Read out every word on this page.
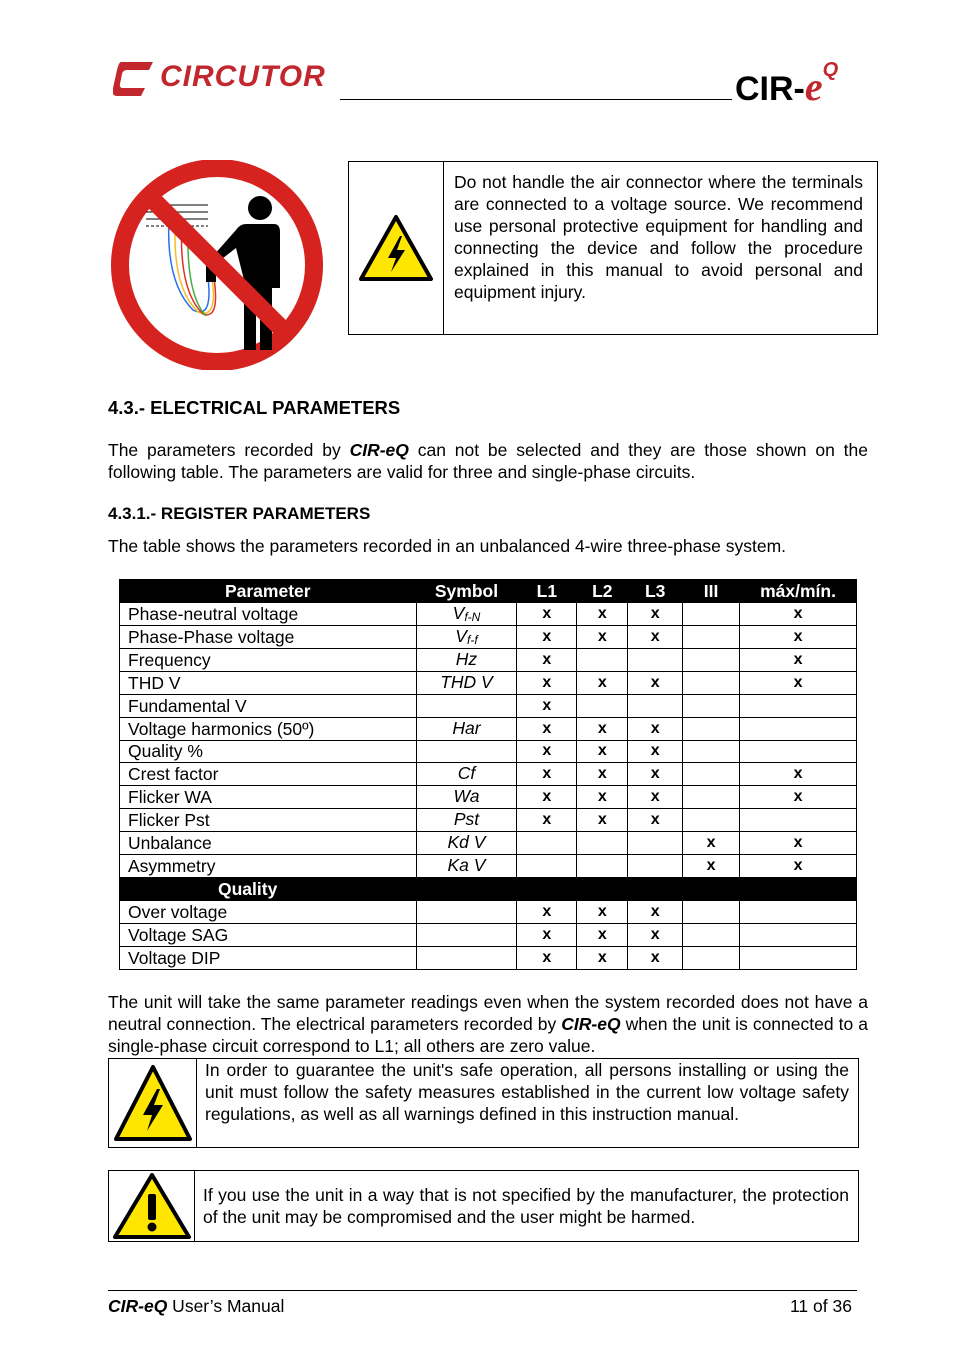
CIRCUTOR	CIR-$e^Q$
Do not handle the air connector where the terminals are connected to a voltage source. We recommend use personal protective equipment for handling and connecting the device and follow the procedure explained in this manual to avoid personal and equipment injury.
4.3.- ELECTRICAL PARAMETERS
The parameters recorded by CIR-eQ can not be selected and they are those shown on the following table. The parameters are valid for three and single-phase circuits.
4.3.1.- REGISTER PARAMETERS
The table shows the parameters recorded in an unbalanced 4-wire three-phase system.
Parameter	Symbol	L1	L2	L3	III	máx/mín.
Phase-neutral voltage	$V_{f-N}$	x	x	x		x
Phase-Phase voltage	$V_{f-f}$	x	x	x		x
Frequency	Hz	x				x
THD V	THD V	x	x	x		x
Fundamental V		x				
Voltage harmonics (50º)	Har	x	x	x		
Quality %		x	x	x		
Crest factor	Cf	x	x	x		x
Flicker WA	Wa	x	x	x		x
Flicker Pst	Pst	x	x	x		
Unbalance	Kd V				x	x
Asymmetry	Ka V				x	x
Quality						
Over voltage		x	x	x		
Voltage SAG		x	x	x		
Voltage DIP		x	x	x		
The unit will take the same parameter readings even when the system recorded does not have a neutral connection. The electrical parameters recorded by CIR-eQ when the unit is connected to a single-phase circuit correspond to L1; all others are zero value.
In order to guarantee the unit's safe operation, all persons installing or using the unit must follow the safety measures established in the current low voltage safety regulations, as well as all warnings defined in this instruction manual.
If you use the unit in a way that is not specified by the manufacturer, the protection of the unit may be compromised and the user might be harmed.
CIR-eQ User’s Manual	11 of 36
